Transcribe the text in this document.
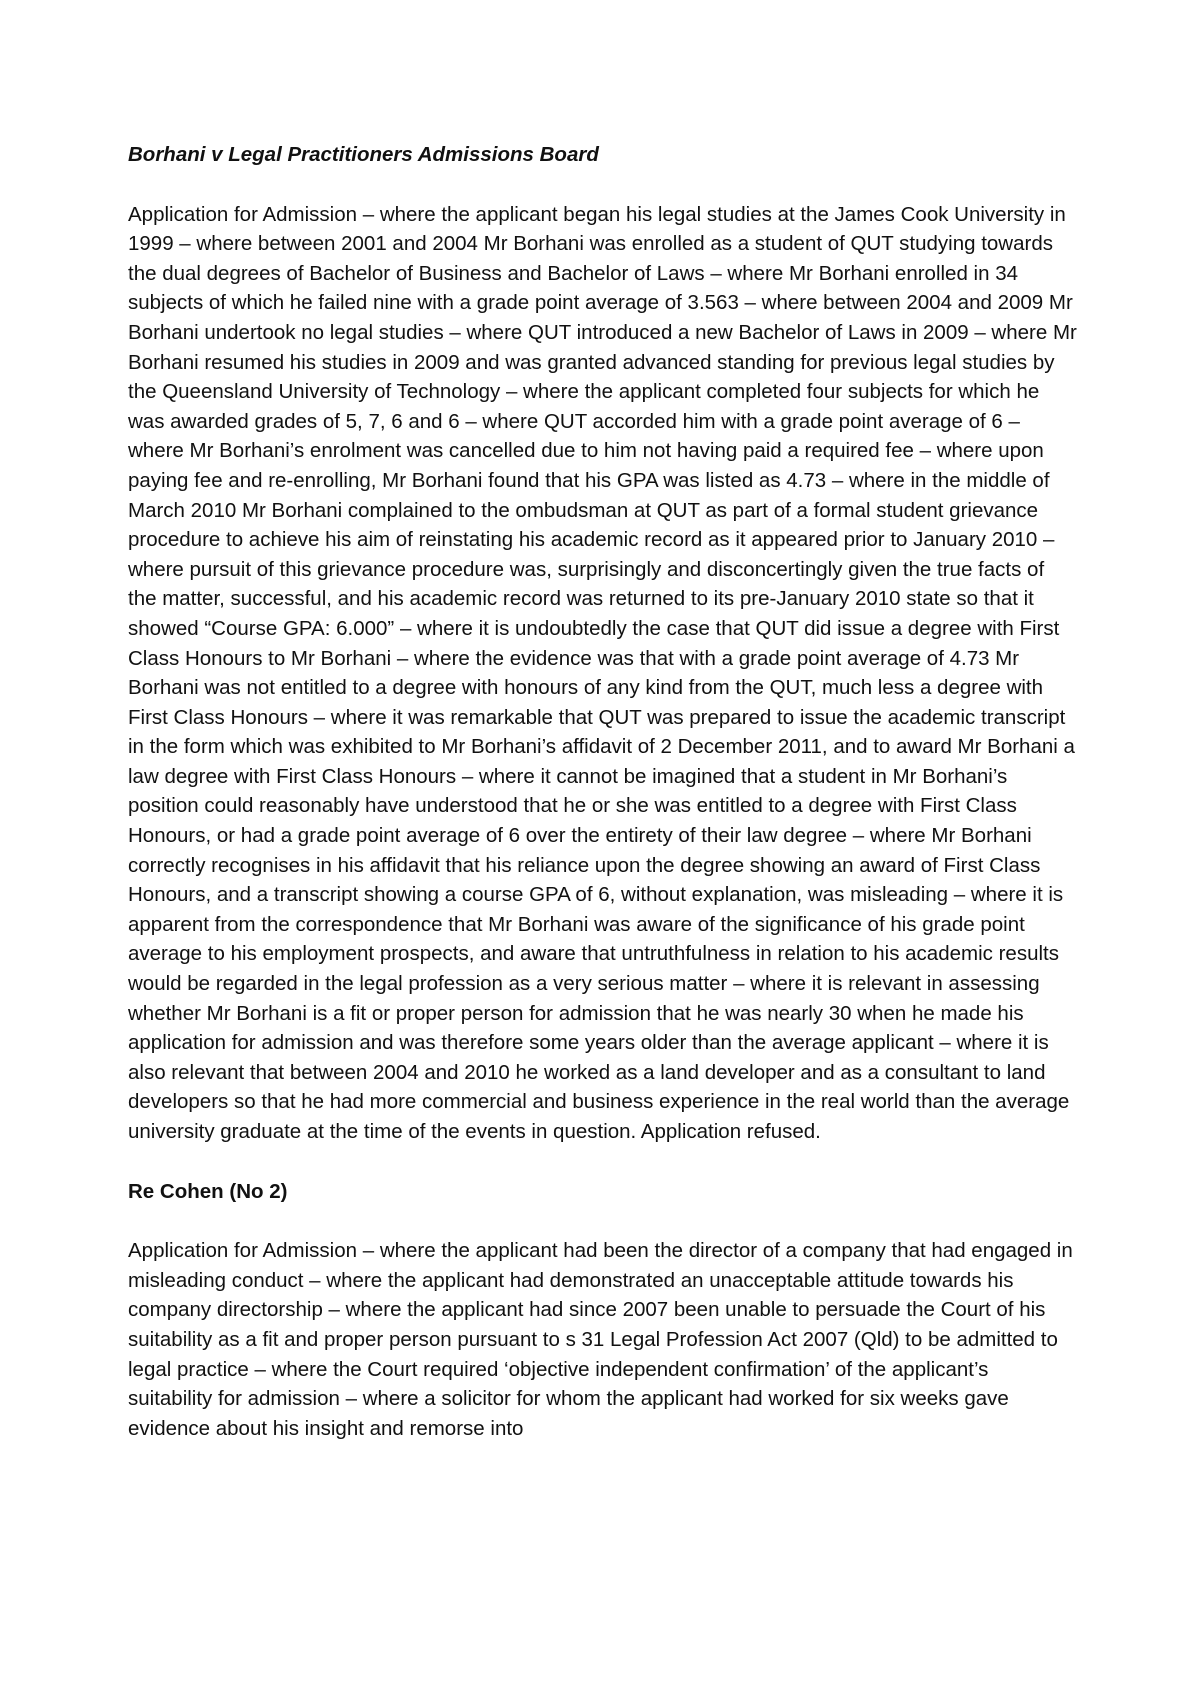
Borhani v Legal Practitioners Admissions Board

Application for Admission – where the applicant began his legal studies at the James Cook University in 1999 – where between 2001 and 2004 Mr Borhani was enrolled as a student of QUT studying towards the dual degrees of Bachelor of Business and Bachelor of Laws – where Mr Borhani enrolled in 34 subjects of which he failed nine with a grade point average of 3.563 – where between 2004 and 2009 Mr Borhani undertook no legal studies – where QUT introduced a new Bachelor of Laws in 2009 – where Mr Borhani resumed his studies in 2009 and was granted advanced standing for previous legal studies by the Queensland University of Technology – where the applicant completed four subjects for which he was awarded grades of 5, 7, 6 and 6 – where QUT accorded him with a grade point average of 6 – where Mr Borhani’s enrolment was cancelled due to him not having paid a required fee – where upon paying fee and re-enrolling, Mr Borhani found that his GPA was listed as 4.73 – where in the middle of March 2010 Mr Borhani complained to the ombudsman at QUT as part of a formal student grievance procedure to achieve his aim of reinstating his academic record as it appeared prior to January 2010 – where pursuit of this grievance procedure was, surprisingly and disconcertingly given the true facts of the matter, successful, and his academic record was returned to its pre-January 2010 state so that it showed “Course GPA: 6.000” – where it is undoubtedly the case that QUT did issue a degree with First Class Honours to Mr Borhani – where the evidence was that with a grade point average of 4.73 Mr Borhani was not entitled to a degree with honours of any kind from the QUT, much less a degree with First Class Honours – where it was remarkable that QUT was prepared to issue the academic transcript in the form which was exhibited to Mr Borhani’s affidavit of 2 December 2011, and to award Mr Borhani a law degree with First Class Honours – where it cannot be imagined that a student in Mr Borhani’s position could reasonably have understood that he or she was entitled to a degree with First Class Honours, or had a grade point average of 6 over the entirety of their law degree – where Mr Borhani correctly recognises in his affidavit that his reliance upon the degree showing an award of First Class Honours, and a transcript showing a course GPA of 6, without explanation, was misleading – where it is apparent from the correspondence that Mr Borhani was aware of the significance of his grade point average to his employment prospects, and aware that untruthfulness in relation to his academic results would be regarded in the legal profession as a very serious matter – where it is relevant in assessing whether Mr Borhani is a fit or proper person for admission that he was nearly 30 when he made his application for admission and was therefore some years older than the average applicant – where it is also relevant that between 2004 and 2010 he worked as a land developer and as a consultant to land developers so that he had more commercial and business experience in the real world than the average university graduate at the time of the events in question. Application refused.

Re Cohen (No 2)

Application for Admission – where the applicant had been the director of a company that had engaged in misleading conduct – where the applicant had demonstrated an unacceptable attitude towards his company directorship – where the applicant had since 2007 been unable to persuade the Court of his suitability as a fit and proper person pursuant to s 31 Legal Profession Act 2007 (Qld) to be admitted to legal practice – where the Court required ‘objective independent confirmation’ of the applicant’s suitability for admission – where a solicitor for whom the applicant had worked for six weeks gave evidence about his insight and remorse into
